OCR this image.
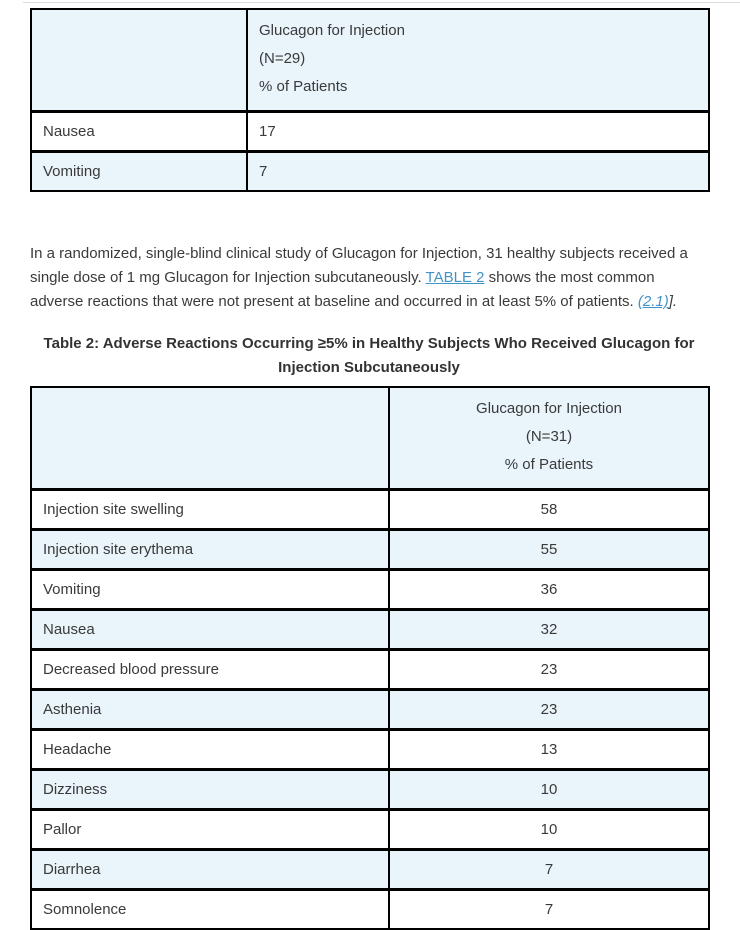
	Glucagon for Injection
(N=29)
% of Patients

Nausea	17
Vomiting	7

In a randomized, single-blind clinical study of Glucagon for Injection, 31 healthy subjects received a single dose of 1 mg Glucagon for Injection subcutaneously. TABLE 2 shows the most common adverse reactions that were not present at baseline and occurred in at least 5% of patients. (2.1)].

Table 2: Adverse Reactions Occurring ≥5% in Healthy Subjects Who Received Glucagon for Injection Subcutaneously

	Glucagon for Injection
(N=31)
% of Patients

Injection site swelling	58
Injection site erythema	55
Vomiting	36
Nausea	32
Decreased blood pressure	23
Asthenia	23
Headache	13
Dizziness	10
Pallor	10
Diarrhea	7
Somnolence	7
